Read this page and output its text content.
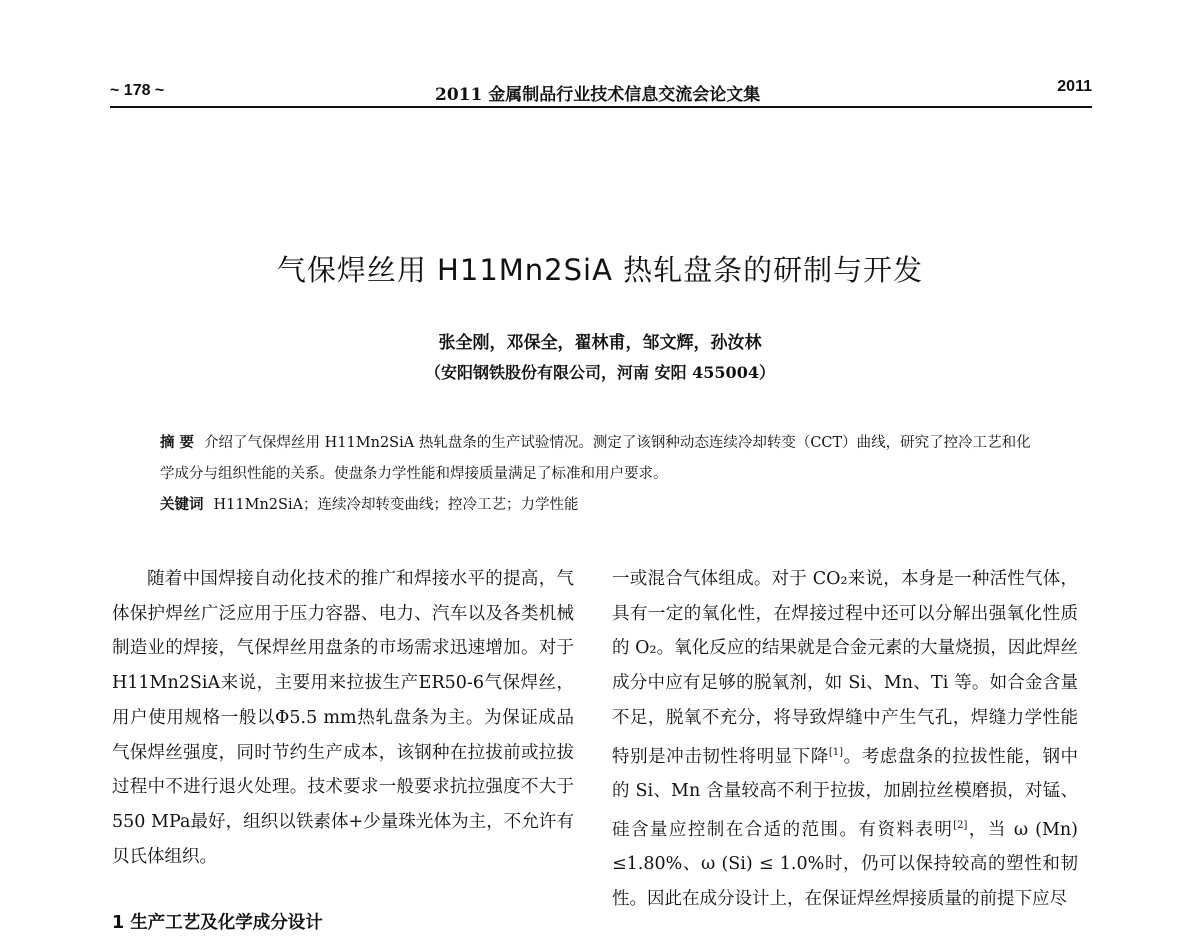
~ 178 ~	2011 金属制品行业技术信息交流会论文集	2011
气保焊丝用 H11Mn2SiA 热轧盘条的研制与开发
张全刚，邓保全，翟林甫，邹文辉，孙汝林
（安阳钢铁股份有限公司，河南 安阳 455004）

摘 要 介绍了气保焊丝用 H11Mn2SiA 热轧盘条的生产试验情况。测定了该钢种动态连续冷却转变（CCT）曲线，研究了控冷工艺和化学成分与组织性能的关系。使盘条力学性能和焊接质量满足了标准和用户要求。

关键词 H11Mn2SiA；连续冷却转变曲线；控冷工艺；力学性能

随着中国焊接自动化技术的推广和焊接水平的提高，气体保护焊丝广泛应用于压力容器、电力、汽车以及各类机械制造业的焊接，气保焊丝用盘条的市场需求迅速增加。对于H11Mn2SiA来说，主要用来拉拔生产ER50-6气保焊丝，用户使用规格一般以Φ5.5 mm热轧盘条为主。为保证成品气保焊丝强度，同时节约生产成本，该钢种在拉拔前或拉拔过程中不进行退火处理。技术要求一般要求抗拉强度不大于550 MPa最好，组织以铁素体+少量珠光体为主，不允许有贝氏体组织。

1 生产工艺及化学成分设计

一或混合气体组成。对于 CO₂来说，本身是一种活性气体，具有一定的氧化性，在焊接过程中还可以分解出强氧化性质的 O₂。氧化反应的结果就是合金元素的大量烧损，因此焊丝成分中应有足够的脱氧剂，如 Si、Mn、Ti 等。如合金含量不足，脱氧不充分，将导致焊缝中产生气孔，焊缝力学性能特别是冲击韧性将明显下降[1]。考虑盘条的拉拔性能，钢中的 Si、Mn 含量较高不利于拉拔，加剧拉丝模磨损，对锰、硅含量应控制在合适的范围。有资料表明[2]，当 ω (Mn) ≤1.80%、ω (Si) ≤ 1.0%时，仍可以保持较高的塑性和韧性。因此在成分设计上，在保证焊丝焊接质量的前提下应尽
